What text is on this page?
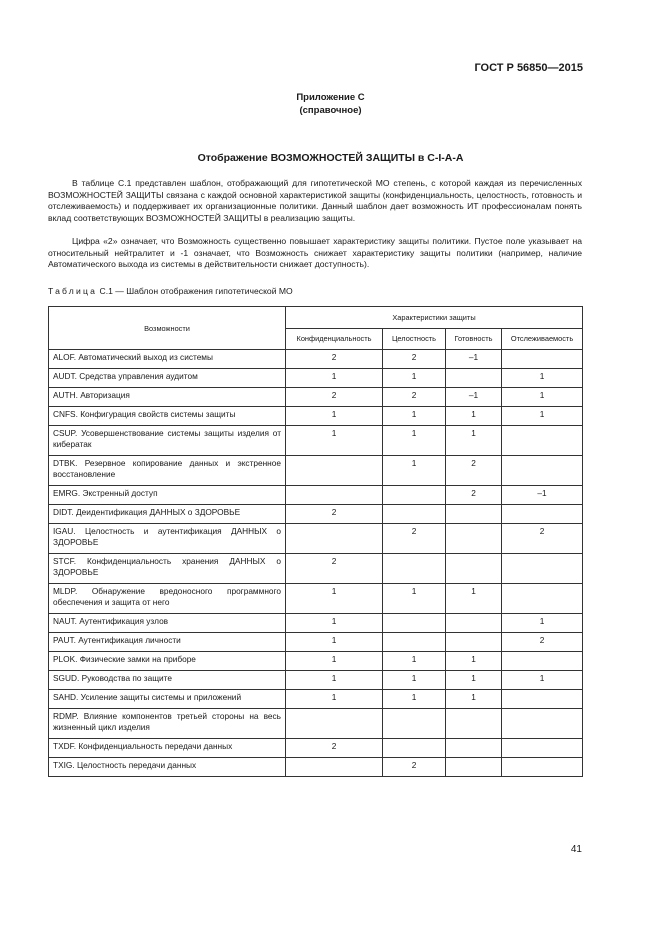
ГОСТ Р 56850—2015
Приложение С
(справочное)
Отображение ВОЗМОЖНОСТЕЙ ЗАЩИТЫ в C-I-A-A

В таблице С.1 представлен шаблон, отображающий для гипотетической МО степень, с которой каждая из перечисленных ВОЗМОЖНОСТЕЙ ЗАЩИТЫ связана с каждой основной характеристикой защиты (конфиденциальность, целостность, готовность и отслеживаемость) и поддерживает их организационные политики. Данный шаблон дает возможность ИТ профессионалам понять вклад соответствующих ВОЗМОЖНОСТЕЙ ЗАЩИТЫ в реализацию защиты.

Цифра «2» означает, что Возможность существенно повышает характеристику защиты политики. Пустое поле указывает на относительный нейтралитет и -1 означает, что Возможность снижает характеристику защиты политики (например, наличие Автоматического выхода из системы в действительности снижает доступность).

Таблица С.1 — Шаблон отображения гипотетической МО
Возможности	Характеристики защиты			
	Конфиденциальность	Целостность	Готовность	Отслеживаемость
ALOF. Автоматический выход из системы	2	2	–1	
AUDT. Средства управления аудитом	1	1		1
AUTH. Авторизация	2	2	–1	1
CNFS. Конфигурация свойств системы защиты	1	1	1	1
CSUP. Усовершенствование системы защиты изделия от кибератак	1	1	1	
DTBK. Резервное копирование данных и экстренное восстановление		1	2	
EMRG. Экстренный доступ			2	–1
DIDT. Деидентификация ДАННЫХ о ЗДОРОВЬЕ	2			
IGAU. Целостность и аутентификация ДАННЫХ о ЗДОРОВЬЕ		2		2
STCF. Конфиденциальность хранения ДАННЫХ о ЗДОРОВЬЕ	2			
MLDP. Обнаружение вредоносного программного обеспечения и защита от него	1	1	1	
NAUT. Аутентификация узлов	1			1
PAUT. Аутентификация личности	1			2
PLOK. Физические замки на приборе	1	1	1	
SGUD. Руководства по защите	1	1	1	1
SAHD. Усиление защиты системы и приложений	1	1	1	
RDMP. Влияние компонентов третьей стороны на весь жизненный цикл изделия				
TXDF. Конфиденциальность передачи данных	2			
TXIG. Целостность передачи данных		2		
41
